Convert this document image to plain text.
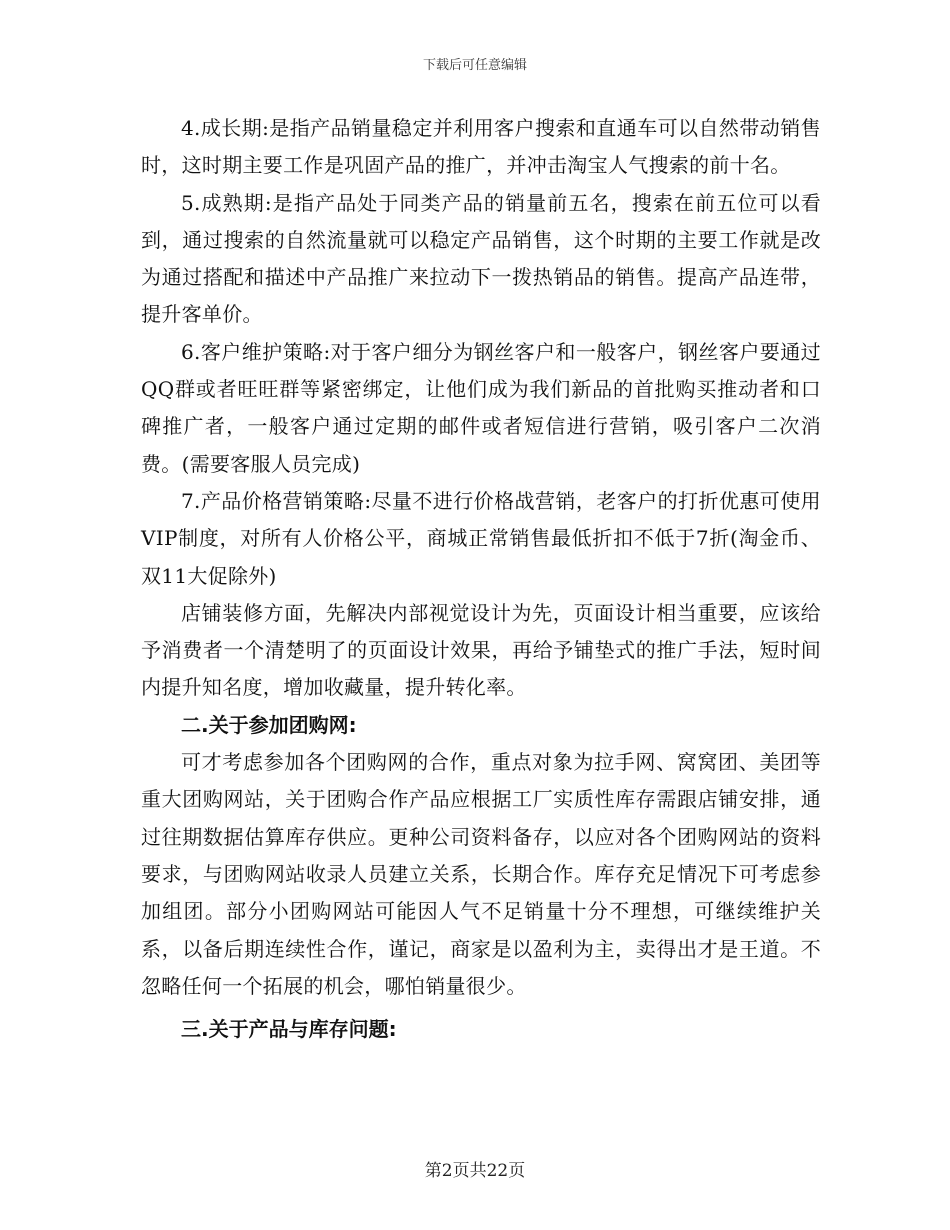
下载后可任意编辑

4.成长期:是指产品销量稳定并利用客户搜索和直通车可以自然带动销售时，这时期主要工作是巩固产品的推广，并冲击淘宝人气搜索的前十名。

5.成熟期:是指产品处于同类产品的销量前五名，搜索在前五位可以看到，通过搜索的自然流量就可以稳定产品销售，这个时期的主要工作就是改为通过搭配和描述中产品推广来拉动下一拨热销品的销售。提高产品连带，提升客单价。

6.客户维护策略:对于客户细分为钢丝客户和一般客户，钢丝客户要通过QQ群或者旺旺群等紧密绑定，让他们成为我们新品的首批购买推动者和口碑推广者，一般客户通过定期的邮件或者短信进行营销，吸引客户二次消费。(需要客服人员完成)

7.产品价格营销策略:尽量不进行价格战营销，老客户的打折优惠可使用VIP制度，对所有人价格公平，商城正常销售最低折扣不低于7折(淘金币、双11大促除外)

店铺装修方面，先解决内部视觉设计为先，页面设计相当重要，应该给予消费者一个清楚明了的页面设计效果，再给予铺垫式的推广手法，短时间内提升知名度，增加收藏量，提升转化率。

二.关于参加团购网:

可才考虑参加各个团购网的合作，重点对象为拉手网、窝窝团、美团等重大团购网站，关于团购合作产品应根据工厂实质性库存需跟店铺安排，通过往期数据估算库存供应。更种公司资料备存，以应对各个团购网站的资料要求，与团购网站收录人员建立关系，长期合作。库存充足情况下可考虑参加组团。部分小团购网站可能因人气不足销量十分不理想，可继续维护关系，以备后期连续性合作，谨记，商家是以盈利为主，卖得出才是王道。不忽略任何一个拓展的机会，哪怕销量很少。

三.关于产品与库存问题:
第2页共22页
